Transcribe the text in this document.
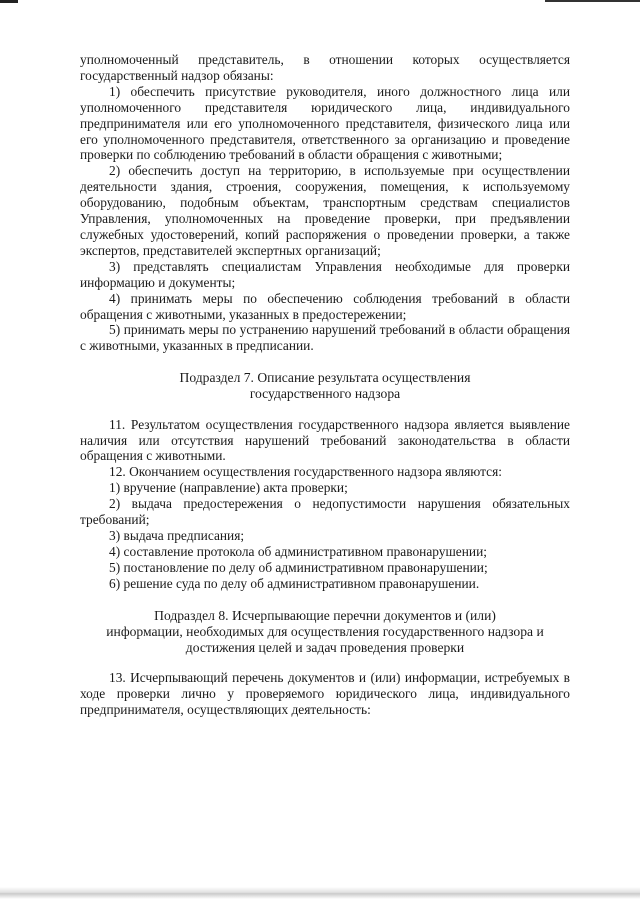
уполномоченный представитель, в отношении которых осуществляется государственный надзор обязаны:

1) обеспечить присутствие руководителя, иного должностного лица или уполномоченного представителя юридического лица, индивидуального предпринимателя или его уполномоченного представителя, физического лица или его уполномоченного представителя, ответственного за организацию и проведение проверки по соблюдению требований в области обращения с животными;

2) обеспечить доступ на территорию, в используемые при осуществлении деятельности здания, строения, сооружения, помещения, к используемому оборудованию, подобным объектам, транспортным средствам специалистов Управления, уполномоченных на проведение проверки, при предъявлении служебных удостоверений, копий распоряжения о проведении проверки, а также экспертов, представителей экспертных организаций;

3) представлять специалистам Управления необходимые для проверки информацию и документы;

4) принимать меры по обеспечению соблюдения требований в области обращения с животными, указанных в предостережении;

5) принимать меры по устранению нарушений требований в области обращения с животными, указанных в предписании.

Подраздел 7. Описание результата осуществления
государственного надзора

11. Результатом осуществления государственного надзора является выявление наличия или отсутствия нарушений требований законодательства в области обращения с животными.

12. Окончанием осуществления государственного надзора являются:

1) вручение (направление) акта проверки;

2) выдача предостережения о недопустимости нарушения обязательных требований;

3) выдача предписания;

4) составление протокола об административном правонарушении;

5) постановление по делу об административном правонарушении;

6) решение суда по делу об административном правонарушении.

Подраздел 8. Исчерпывающие перечни документов и (или)
информации, необходимых для осуществления государственного надзора и
достижения целей и задач проведения проверки

13. Исчерпывающий перечень документов и (или) информации, истребуемых в ходе проверки лично у проверяемого юридического лица, индивидуального предпринимателя, осуществляющих деятельность:
